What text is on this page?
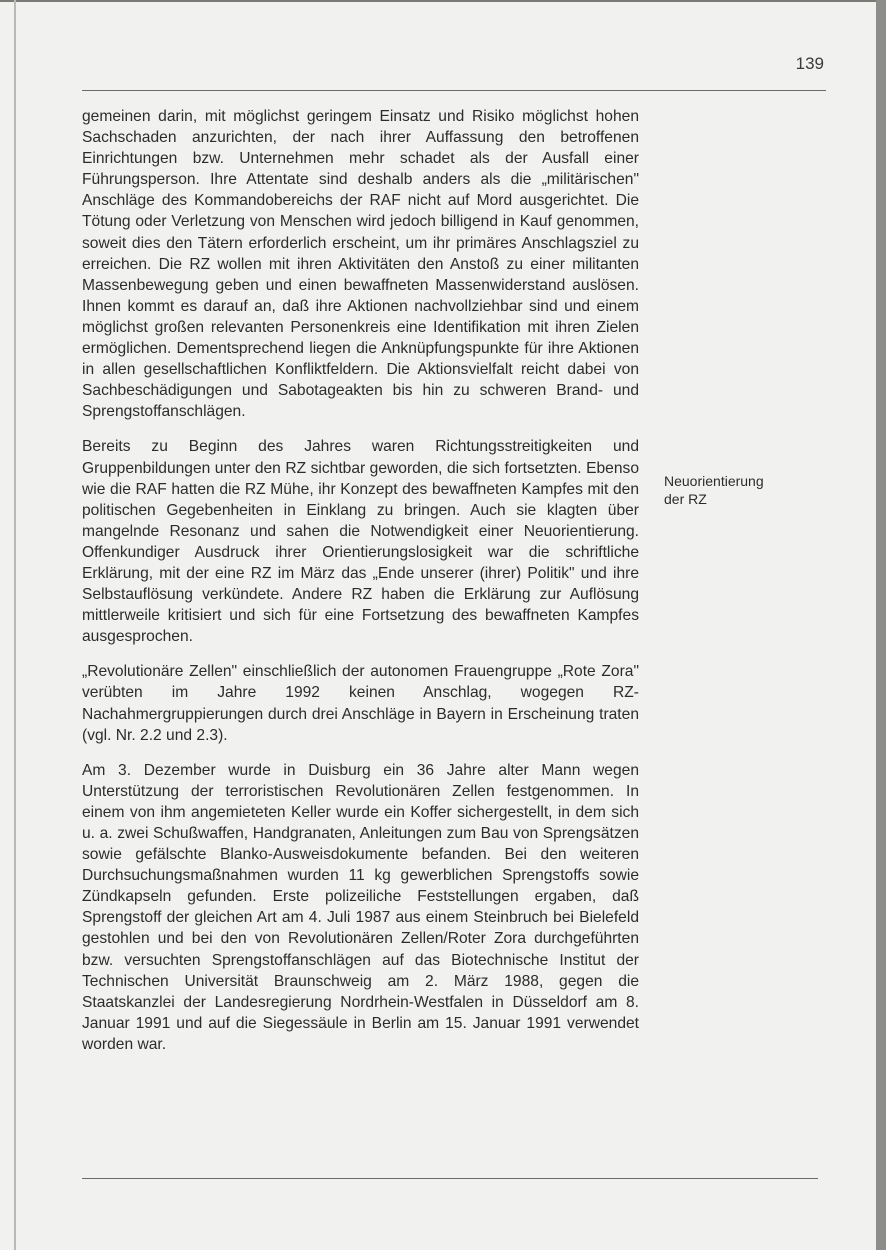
139

gemeinen darin, mit möglichst geringem Einsatz und Risiko möglichst hohen Sachschaden anzurichten, der nach ihrer Auffassung den betroffenen Einrichtungen bzw. Unternehmen mehr schadet als der Ausfall einer Führungsperson. Ihre Attentate sind deshalb anders als die „militärischen" Anschläge des Kommandobereichs der RAF nicht auf Mord ausgerichtet. Die Tötung oder Verletzung von Menschen wird jedoch billigend in Kauf genommen, soweit dies den Tätern erforderlich erscheint, um ihr primäres Anschlagsziel zu erreichen. Die RZ wollen mit ihren Aktivitäten den Anstoß zu einer militanten Massenbewegung geben und einen bewaffneten Massenwiderstand auslösen. Ihnen kommt es darauf an, daß ihre Aktionen nachvollziehbar sind und einem möglichst großen relevanten Personenkreis eine Identifikation mit ihren Zielen ermöglichen. Dementsprechend liegen die Anknüpfungspunkte für ihre Aktionen in allen gesellschaftlichen Konfliktfeldern. Die Aktionsvielfalt reicht dabei von Sachbeschädigungen und Sabotageakten bis hin zu schweren Brand- und Sprengstoffanschlägen.

Bereits zu Beginn des Jahres waren Richtungsstreitigkeiten und Gruppenbildungen unter den RZ sichtbar geworden, die sich fortsetzten. Ebenso wie die RAF hatten die RZ Mühe, ihr Konzept des bewaffneten Kampfes mit den politischen Gegebenheiten in Einklang zu bringen. Auch sie klagten über mangelnde Resonanz und sahen die Notwendigkeit einer Neuorientierung. Offenkundiger Ausdruck ihrer Orientierungslosigkeit war die schriftliche Erklärung, mit der eine RZ im März das „Ende unserer (ihrer) Politik" und ihre Selbstauflösung verkündete. Andere RZ haben die Erklärung zur Auflösung mittlerweile kritisiert und sich für eine Fortsetzung des bewaffneten Kampfes ausgesprochen.

„Revolutionäre Zellen" einschließlich der autonomen Frauengruppe „Rote Zora" verübten im Jahre 1992 keinen Anschlag, wogegen RZ-Nachahmergruppierungen durch drei Anschläge in Bayern in Erscheinung traten (vgl. Nr. 2.2 und 2.3).

Am 3. Dezember wurde in Duisburg ein 36 Jahre alter Mann wegen Unterstützung der terroristischen Revolutionären Zellen festgenommen. In einem von ihm angemieteten Keller wurde ein Koffer sichergestellt, in dem sich u. a. zwei Schußwaffen, Handgranaten, Anleitungen zum Bau von Sprengsätzen sowie gefälschte Blanko-Ausweisdokumente befanden. Bei den weiteren Durchsuchungsmaßnahmen wurden 11 kg gewerblichen Sprengstoffs sowie Zündkapseln gefunden. Erste polizeiliche Feststellungen ergaben, daß Sprengstoff der gleichen Art am 4. Juli 1987 aus einem Steinbruch bei Bielefeld gestohlen und bei den von Revolutionären Zellen/Roter Zora durchgeführten bzw. versuchten Sprengstoffanschlägen auf das Biotechnische Institut der Technischen Universität Braunschweig am 2. März 1988, gegen die Staatskanzlei der Landesregierung Nordrhein-Westfalen in Düsseldorf am 8. Januar 1991 und auf die Siegessäule in Berlin am 15. Januar 1991 verwendet worden war.

Neuorientierung
der RZ
